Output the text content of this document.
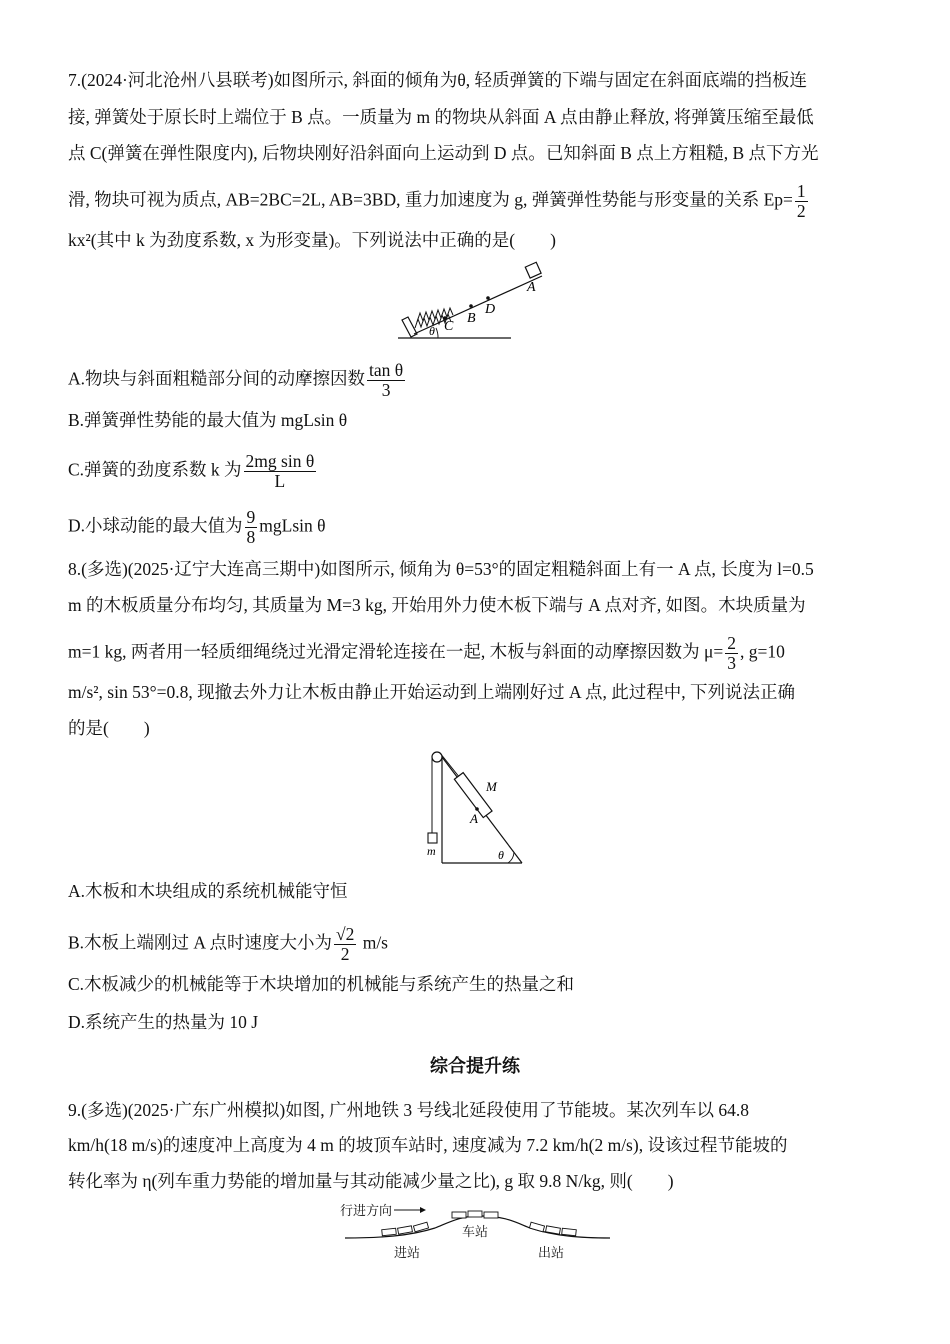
7.(2024·河北沧州八县联考)如图所示, 斜面的倾角为θ, 轻质弹簧的下端与固定在斜面底端的挡板连
接, 弹簧处于原长时上端位于 B 点。一质量为 m 的物块从斜面 A 点由静止释放, 将弹簧压缩至最低
点 C(弹簧在弹性限度内), 后物块刚好沿斜面向上运动到 D 点。已知斜面 B 点上方粗糙, B 点下方光
滑, 物块可视为质点, AB=2BC=2L, AB=3BD, 重力加速度为 g, 弹簧弹性势能与形变量的关系 $Ep= \frac{1}{2}$
kx²(其中 k 为劲度系数, x 为形变量)。下列说法中正确的是(　　)
θ C
B
D
A
A.物块与斜面粗糙部分间的动摩擦因数 $\frac{\text{tan θ}}{3}$
B.弹簧弹性势能的最大值为 mgLsin θ
C.弹簧的劲度系数 k 为 $\frac{\text{2mg sin θ}}{L}$
D.小球动能的最大值为 $\frac{9}{8}$ mgLsin θ
8.(多选)(2025·辽宁大连高三期中)如图所示, 倾角为 θ=53°的固定粗糙斜面上有一 A 点, 长度为 l=0.5
m 的木板质量分布均匀, 其质量为 M=3 kg, 开始用外力使木板下端与 A 点对齐, 如图。木块质量为
m=1 kg, 两者用一轻质细绳绕过光滑定滑轮连接在一起, 木板与斜面的动摩擦因数为 $\mu= \frac{2}{3}$ , g=10
m/s², sin 53°=0.8, 现撤去外力让木板由静止开始运动到上端刚好过 A 点, 此过程中, 下列说法正确
的是(　　)
M
A
m	θ
A.木板和木块组成的系统机械能守恒
B.木板上端刚过 A 点时速度大小为 $\frac{√2}{2} m/s$
C.木板减少的机械能等于木块增加的机械能与系统产生的热量之和
D.系统产生的热量为 10 J
综合提升练
9.(多选)(2025·广东广州模拟)如图, 广州地铁 3 号线北延段使用了节能坡。某次列车以 64.8
km/h(18 m/s)的速度冲上高度为 4 m 的坡顶车站时, 速度减为 7.2 km/h(2 m/s), 设该过程节能坡的
转化率为 η(列车重力势能的增加量与其动能减少量之比), g 取 9.8 N/kg, 则(　　)
行进方向
车站
进站	出站
